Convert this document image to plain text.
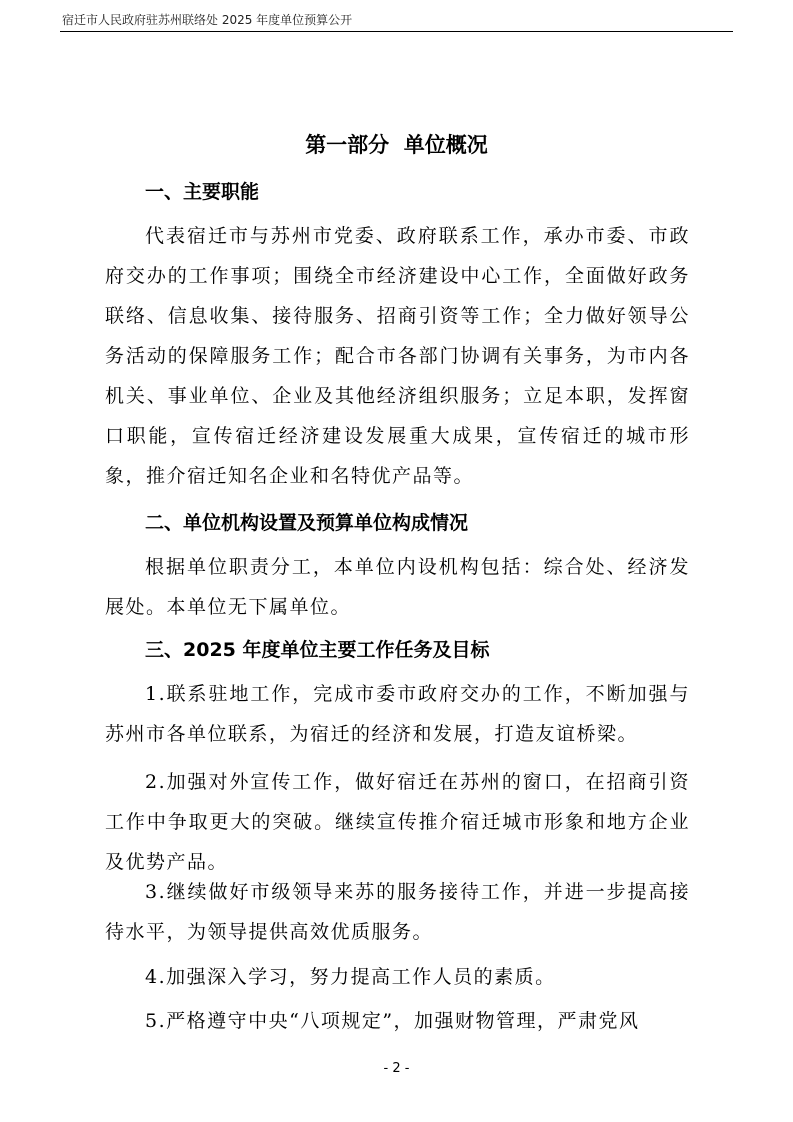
宿迁市人民政府驻苏州联络处 2025 年度单位预算公开
第一部分  单位概况
一、主要职能
代表宿迁市与苏州市党委、政府联系工作，承办市委、市政府交办的工作事项；围绕全市经济建设中心工作，全面做好政务联络、信息收集、接待服务、招商引资等工作；全力做好领导公务活动的保障服务工作；配合市各部门协调有关事务，为市内各机关、事业单位、企业及其他经济组织服务；立足本职，发挥窗口职能，宣传宿迁经济建设发展重大成果，宣传宿迁的城市形象，推介宿迁知名企业和名特优产品等。
二、单位机构设置及预算单位构成情况
根据单位职责分工，本单位内设机构包括：综合处、经济发展处。本单位无下属单位。
三、2025 年度单位主要工作任务及目标
1.联系驻地工作，完成市委市政府交办的工作，不断加强与苏州市各单位联系，为宿迁的经济和发展，打造友谊桥梁。
2.加强对外宣传工作，做好宿迁在苏州的窗口，在招商引资工作中争取更大的突破。继续宣传推介宿迁城市形象和地方企业及优势产品。
3.继续做好市级领导来苏的服务接待工作，并进一步提高接待水平，为领导提供高效优质服务。
4.加强深入学习，努力提高工作人员的素质。
5.严格遵守中央“八项规定”，加强财物管理，严肃党风
- 2 -
